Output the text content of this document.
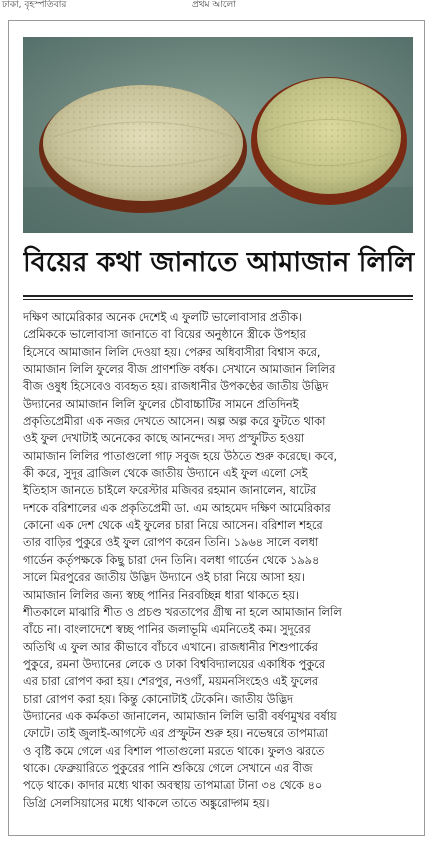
ঢাকা, বৃহস্পতিবার	প্রথম আলো
বিয়ের কথা জানাতে আমাজান লিলি
দক্ষিণ আমেরিকার অনেক দেশেই এ ফুলটি ভালোবাসার প্রতীক।
প্রেমিককে ভালোবাসা জানাতে বা বিয়ের অনুষ্ঠানে স্ত্রীকে উপহার
হিসেবে আমাজান লিলি দেওয়া হয়। পেরুর অধিবাসীরা বিশ্বাস করে,
আমাজান লিলি ফুলের বীজ প্রাণশক্তি বর্ধক। সেখানে আমাজান লিলির
বীজ ওষুধ হিসেবেও ব্যবহৃত হয়। রাজধানীর উপকণ্ঠের জাতীয় উদ্ভিদ
উদ্যানের আমাজান লিলি ফুলের চৌবাচ্চাটির সামনে প্রতিদিনই
প্রকৃতিপ্রেমীরা এক নজর দেখতে আসেন। অল্প অল্প করে ফুটতে থাকা
ওই ফুল দেখাটাই অনেকের কাছে আনন্দের। সদ্য প্রস্ফুটিত হওয়া
আমাজান লিলির পাতাগুলো গাঢ় সবুজ হয়ে উঠতে শুরু করেছে। কবে,
কী করে, সুদূর ব্রাজিল থেকে জাতীয় উদ্যানে এই ফুল এলো সেই
ইতিহাস জানতে চাইলে ফরেস্টার মজিবর রহমান জানালেন, ষাটের
দশকে বরিশালের এক প্রকৃতিপ্রেমী ডা. এম আহমেদ দক্ষিণ আমেরিকার
কোনো এক দেশ থেকে এই ফুলের চারা নিয়ে আসেন। বরিশাল শহরে
তার বাড়ির পুকুরে ওই ফুল রোপণ করেন তিনি। ১৯৬৪ সালে বলধা
গার্ডেন কর্তৃপক্ষকে কিছু চারা দেন তিনি। বলধা গার্ডেন থেকে ১৯৯৪
সালে মিরপুরের জাতীয় উদ্ভিদ উদ্যানে ওই চারা নিয়ে আসা হয়।
আমাজান লিলির জন্য স্বচ্ছ পানির নিরবচ্ছিন্ন ধারা থাকতে হয়।
শীতকালে মাঝারি শীত ও প্রচণ্ড খরতাপের গ্রীষ্ম না হলে আমাজান লিলি
বাঁচে না। বাংলাদেশে স্বচ্ছ পানির জলাভূমি এমনিতেই কম। সুদূরের
অতিথি এ ফুল আর কীভাবে বাঁচবে এখানে। রাজধানীর শিশুপার্কের
পুকুরে, রমনা উদ্যানের লেকে ও ঢাকা বিশ্ববিদ্যালয়ের একাধিক পুকুরে
এর চারা রোপণ করা হয়। শেরপুর, নওগাঁ, ময়মনসিংহেও এই ফুলের
চারা রোপণ করা হয়। কিন্তু কোনোটাই টেকেনি। জাতীয় উদ্ভিদ
উদ্যানের এক কর্মকতা জানালেন, আমাজান লিলি ভারী বর্ষণমুখর বর্ষায়
ফোটে। তাই জুলাই-আগস্টে এর প্রস্ফুটন শুরু হয়। নভেম্বরে তাপমাত্রা
ও বৃষ্টি কমে গেলে এর বিশাল পাতাগুলো মরতে থাকে। ফুলও ঝরতে
থাকে। ফেব্রুয়ারিতে পুকুরের পানি শুকিয়ে গেলে সেখানে এর বীজ
পড়ে থাকে। কাদার মধ্যে থাকা অবস্থায় তাপমাত্রা টানা ৩৪ থেকে ৪০
ডিগ্রি সেলসিয়াসের মধ্যে থাকলে তাতে অঙ্কুরোদ্গম হয়।
